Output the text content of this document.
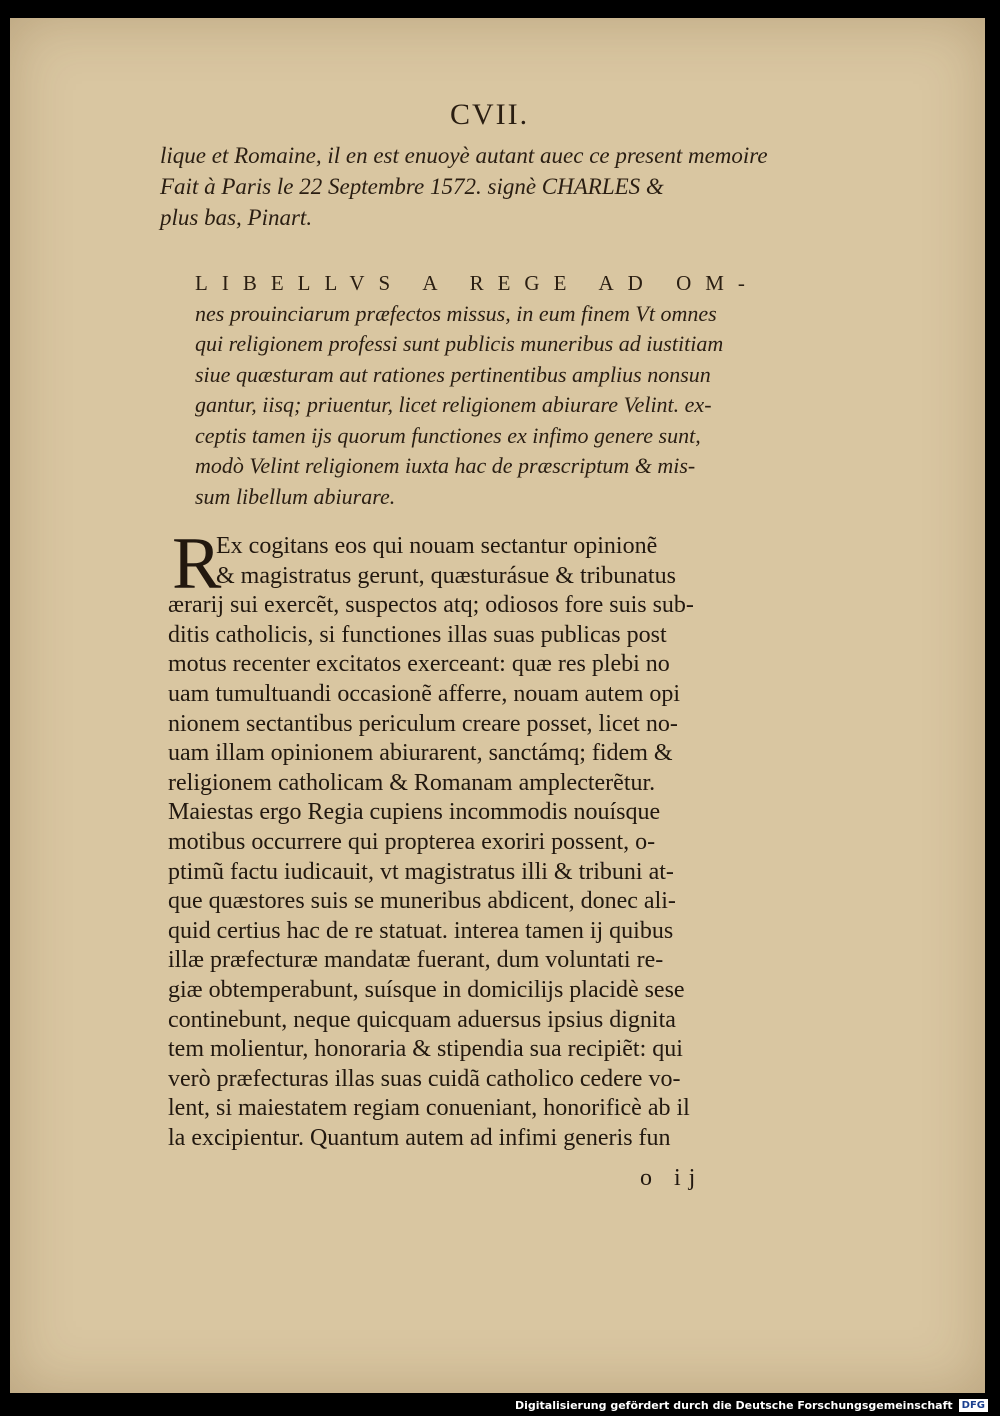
CVII.
lique et Romaine, il en est enuoyè autant auec ce present memoire
Fait à Paris le 22 Septembre 1572. signè CHARLES &
plus bas, Pinart.
LIBELLVS A REGE AD OM-
nes prouinciarum præfectos missus, in eum finem Vt omnes
qui religionem professi sunt publicis muneribus ad iustitiam
siue quæsturam aut rationes pertinentibus amplius nonsun
gantur, iisq; priuentur, licet religionem abiurare Velint. ex-
ceptis tamen ijs quorum functiones ex infimo genere sunt,
modò Velint religionem iuxta hac de præscriptum & mis-
sum libellum abiurare.
R
Ex cogitans eos qui nouam sectantur opinionẽ
& magistratus gerunt, quæsturásue & tribunatus
ærarij sui exercẽt, suspectos atq; odiosos fore suis sub-
ditis catholicis, si functiones illas suas publicas post
motus recenter excitatos exerceant: quæ res plebi no
uam tumultuandi occasionẽ afferre, nouam autem opi
nionem sectantibus periculum creare posset, licet no-
uam illam opinionem abiurarent, sanctámq; fidem &
religionem catholicam & Romanam amplecterẽtur.
Maiestas ergo Regia cupiens incommodis nouísque
motibus occurrere qui propterea exoriri possent, o-
ptimũ factu iudicauit, vt magistratus illi & tribuni at-
que quæstores suis se muneribus abdicent, donec ali-
quid certius hac de re statuat. interea tamen ij quibus
illæ præfecturæ mandatæ fuerant, dum voluntati re-
giæ obtemperabunt, suísque in domicilijs placidè sese
continebunt, neque quicquam aduersus ipsius dignita
tem molientur, honoraria & stipendia sua recipiẽt: qui
verò præfecturas illas suas cuidã catholico cedere vo-
lent, si maiestatem regiam conueniant, honorificè ab il
la excipientur. Quantum autem ad infimi generis fun
o ij
Digitalisierung gefördert durch die Deutsche Forschungsgemeinschaft DFG
